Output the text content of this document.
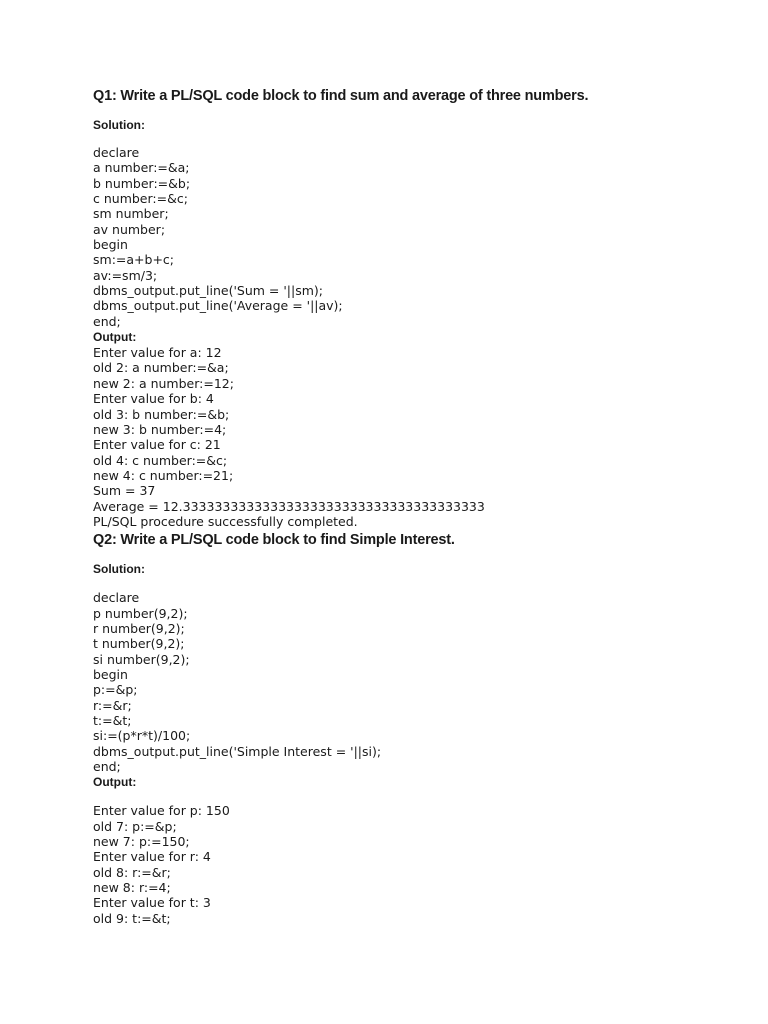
Q1: Write a PL/SQL code block to find sum and average of three numbers.

Solution:

declare
a number:=&a;
b number:=&b;
c number:=&c;
sm number;
av number;
begin
sm:=a+b+c;
av:=sm/3;
dbms_output.put_line('Sum = '||sm);
dbms_output.put_line('Average = '||av);
end;

Output:

Enter value for a: 12
old 2: a number:=&a;
new 2: a number:=12;
Enter value for b: 4
old 3: b number:=&b;
new 3: b number:=4;
Enter value for c: 21
old 4: c number:=&c;
new 4: c number:=21;
Sum = 37
Average = 12.33333333333333333333333333333333333333
PL/SQL procedure successfully completed.
Q2: Write a PL/SQL code block to find Simple Interest.

Solution:

declare
p number(9,2);
r number(9,2);
t number(9,2);
si number(9,2);
begin
p:=&p;
r:=&r;
t:=&t;
si:=(p*r*t)/100;
dbms_output.put_line('Simple Interest = '||si);
end;

Output:

Enter value for p: 150
old 7: p:=&p;
new 7: p:=150;
Enter value for r: 4
old 8: r:=&r;
new 8: r:=4;
Enter value for t: 3
old 9: t:=&t;
